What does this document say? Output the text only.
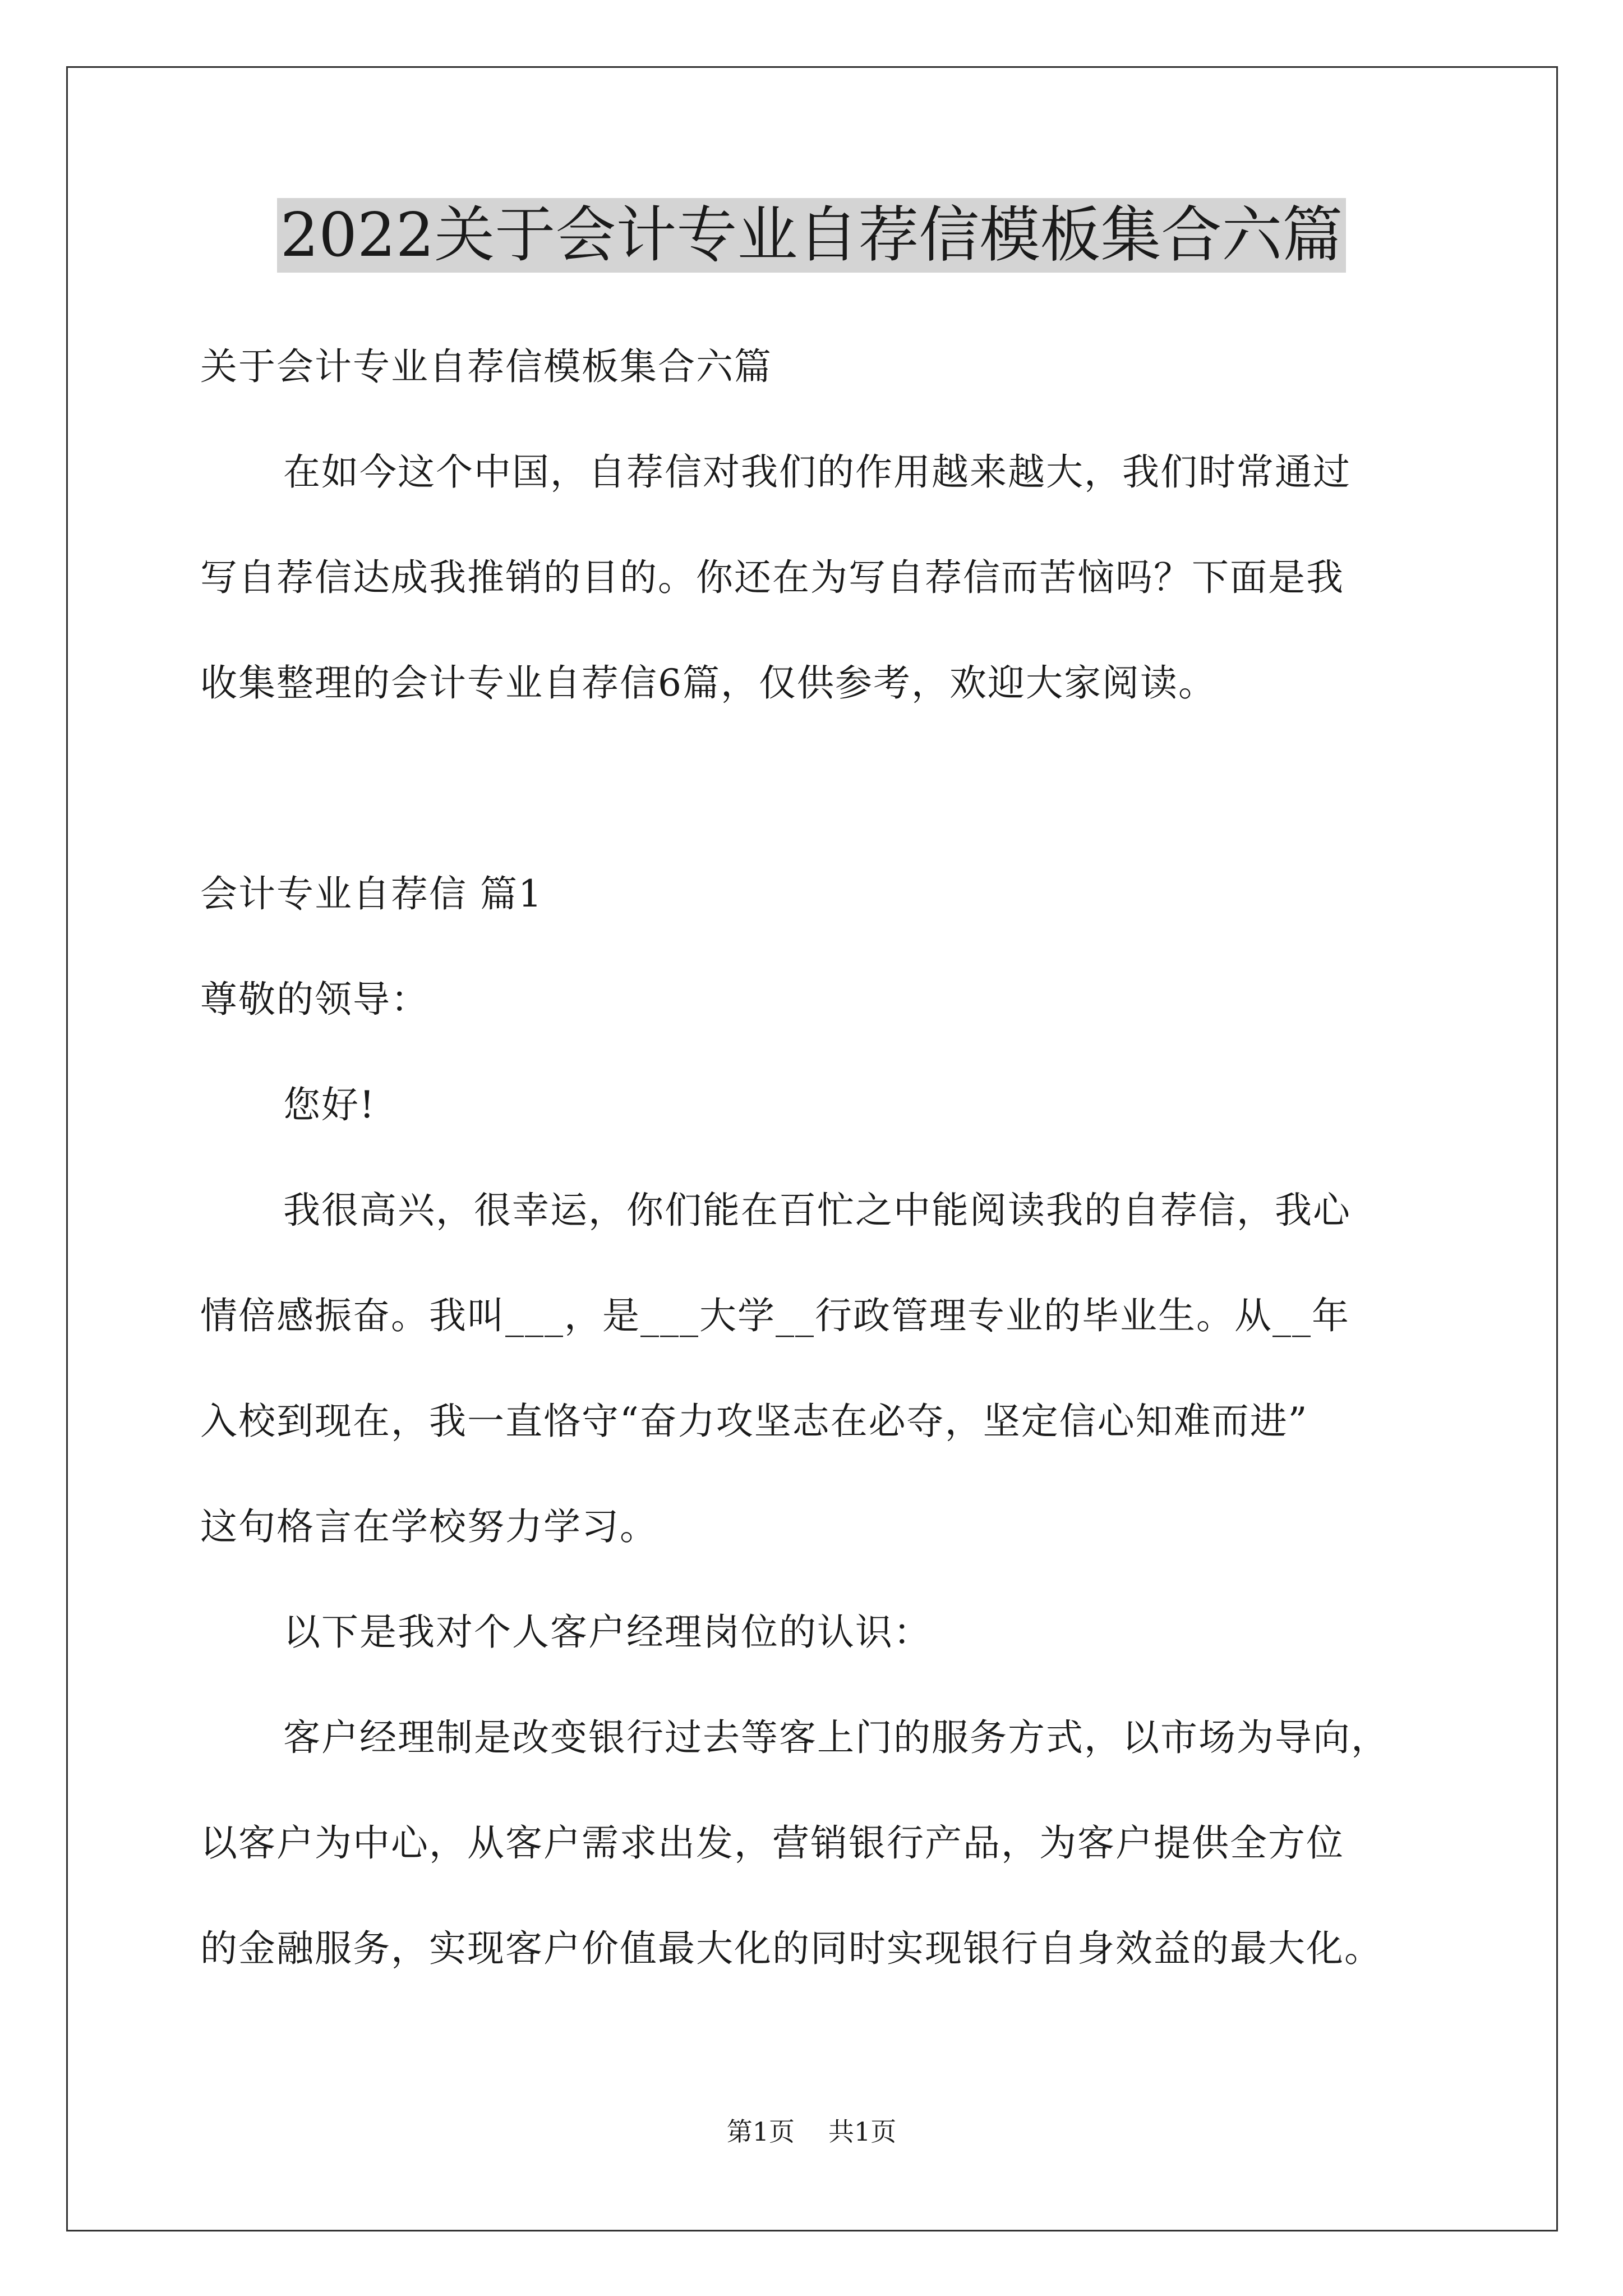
2022关于会计专业自荐信模板集合六篇

关于会计专业自荐信模板集合六篇

在如今这个中国，自荐信对我们的作用越来越大，我们时常通过

写自荐信达成我推销的目的。你还在为写自荐信而苦恼吗？下面是我

收集整理的会计专业自荐信6篇，仅供参考，欢迎大家阅读。

会计专业自荐信 篇1

尊敬的领导：

您好!

我很高兴，很幸运，你们能在百忙之中能阅读我的自荐信，我心

情倍感振奋。我叫___，是___大学__行政管理专业的毕业生。从__年

入校到现在，我一直恪守“奋力攻坚志在必夺，坚定信心知难而进”

这句格言在学校努力学习。

以下是我对个人客户经理岗位的认识：

客户经理制是改变银行过去等客上门的服务方式，以市场为导向，

以客户为中心，从客户需求出发，营销银行产品，为客户提供全方位

的金融服务，实现客户价值最大化的同时实现银行自身效益的最大化。

第1页 共1页
